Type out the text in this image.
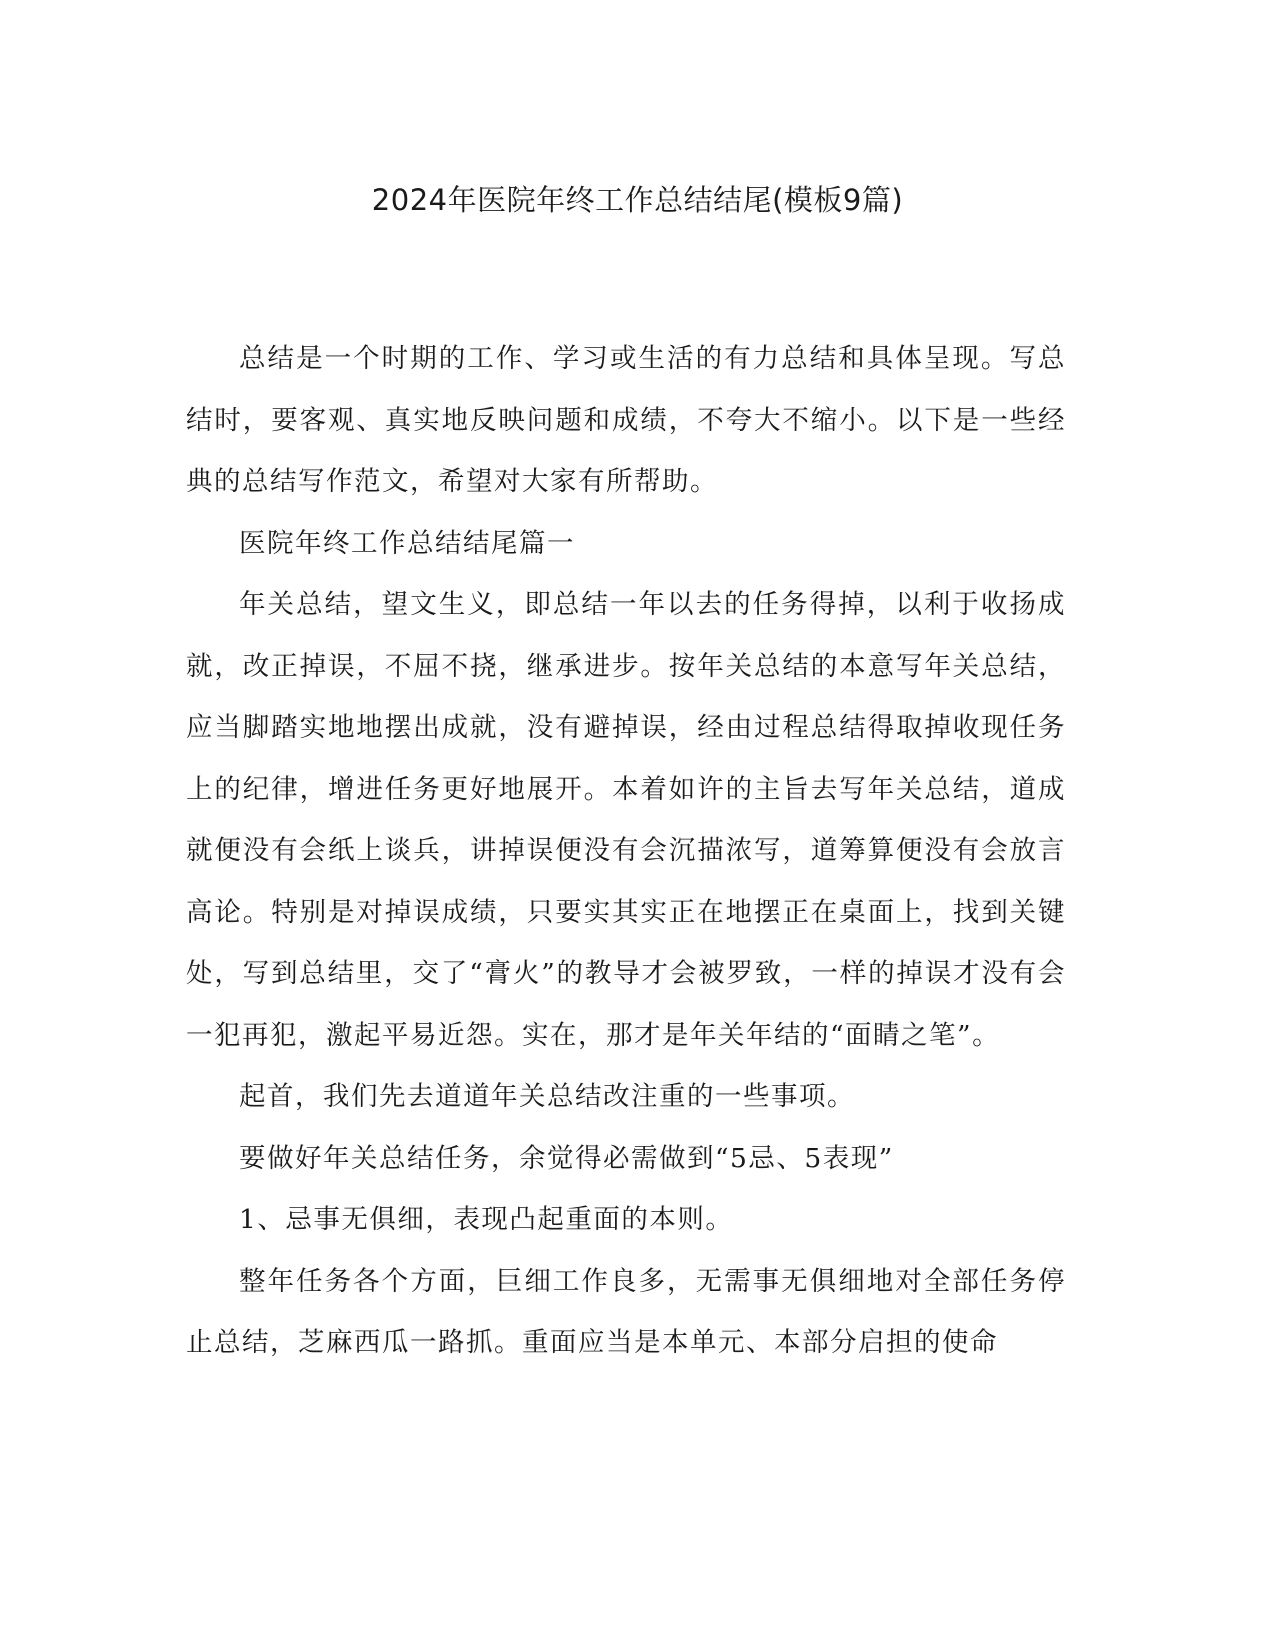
2024年医院年终工作总结结尾(模板9篇)

总结是一个时期的工作、学习或生活的有力总结和具体呈现。写总结时，要客观、真实地反映问题和成绩，不夸大不缩小。以下是一些经典的总结写作范文，希望对大家有所帮助。

医院年终工作总结结尾篇一

年关总结，望文生义，即总结一年以去的任务得掉，以利于收扬成就，改正掉误，不屈不挠，继承进步。按年关总结的本意写年关总结，应当脚踏实地地摆出成就，没有避掉误，经由过程总结得取掉收现任务上的纪律，增进任务更好地展开。本着如许的主旨去写年关总结，道成就便没有会纸上谈兵，讲掉误便没有会沉描浓写，道筹算便没有会放言高论。特别是对掉误成绩，只要实其实正在地摆正在桌面上，找到关键处，写到总结里，交了“膏火”的教导才会被罗致，一样的掉误才没有会一犯再犯，激起平易近怨。实在，那才是年关年结的“面睛之笔”。

起首，我们先去道道年关总结改注重的一些事项。

要做好年关总结任务，余觉得必需做到“5忌、5表现”

1、忌事无俱细，表现凸起重面的本则。

整年任务各个方面，巨细工作良多，无需事无俱细地对全部任务停止总结，芝麻西瓜一路抓。重面应当是本单元、本部分启担的使命
